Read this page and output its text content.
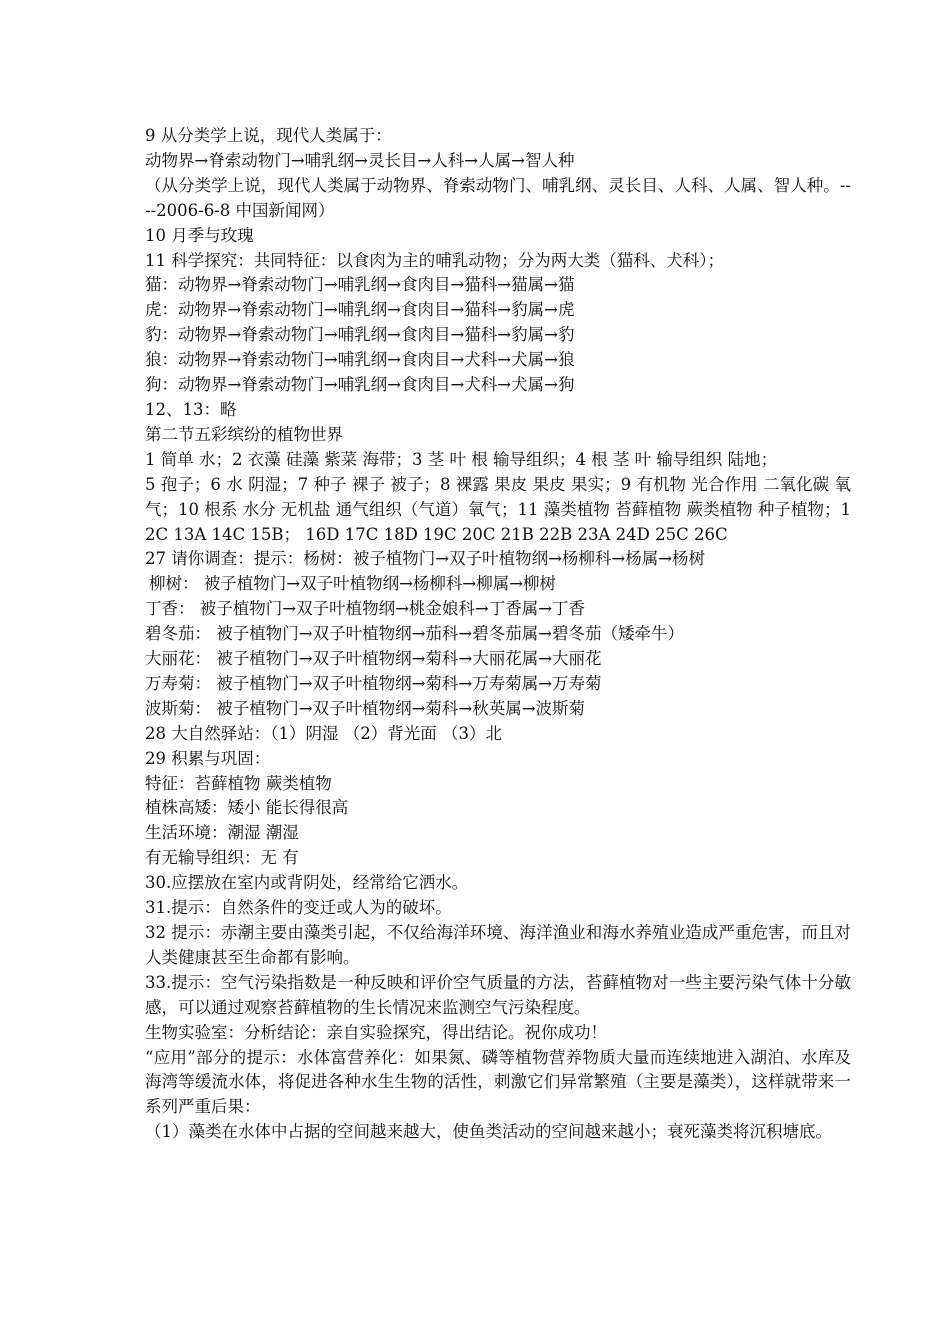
9 从分类学上说，现代人类属于：

动物界→脊索动物门→哺乳纲→灵长目→人科→人属→智人种

（从分类学上说，现代人类属于动物界、脊索动物门、哺乳纲、灵长目、人科、人属、智人种。----2006-6-8 中国新闻网）

10 月季与玫瑰

11 科学探究：共同特征：以食肉为主的哺乳动物；分为两大类（猫科、犬科）；

猫：动物界→脊索动物门→哺乳纲→食肉目→猫科→猫属→猫

虎：动物界→脊索动物门→哺乳纲→食肉目→猫科→豹属→虎

豹：动物界→脊索动物门→哺乳纲→食肉目→猫科→豹属→豹

狼：动物界→脊索动物门→哺乳纲→食肉目→犬科→犬属→狼

狗：动物界→脊索动物门→哺乳纲→食肉目→犬科→犬属→狗

12、13：略

第二节五彩缤纷的植物世界

1 简单 水；2 衣藻 硅藻 紫菜 海带；3 茎 叶 根 输导组织；4 根 茎 叶 输导组织 陆地；

5 孢子；6 水 阴湿；7 种子 裸子 被子；8 裸露 果皮 果皮 果实；9 有机物 光合作用 二氧化碳 氧气；10 根系 水分 无机盐 通气组织（气道）氧气；11 藻类植物 苔藓植物 蕨类植物 种子植物；12C 13A 14C 15B； 16D 17C 18D 19C 20C 21B 22B 23A 24D 25C 26C

27 请你调查：提示：杨树：被子植物门→双子叶植物纲→杨柳科→杨属→杨树

柳树： 被子植物门→双子叶植物纲→杨柳科→柳属→柳树

丁香： 被子植物门→双子叶植物纲→桃金娘科→丁香属→丁香

碧冬茄： 被子植物门→双子叶植物纲→茄科→碧冬茄属→碧冬茄（矮牵牛）

大丽花： 被子植物门→双子叶植物纲→菊科→大丽花属→大丽花

万寿菊： 被子植物门→双子叶植物纲→菊科→万寿菊属→万寿菊

波斯菊： 被子植物门→双子叶植物纲→菊科→秋英属→波斯菊

28 大自然驿站：（1）阴湿 （2）背光面 （3）北

29 积累与巩固：

特征：苔藓植物 蕨类植物

植株高矮：矮小 能长得很高

生活环境：潮湿 潮湿

有无输导组织：无 有

30.应摆放在室内或背阴处，经常给它洒水。

31.提示：自然条件的变迁或人为的破坏。

32 提示：赤潮主要由藻类引起，不仅给海洋环境、海洋渔业和海水养殖业造成严重危害，而且对人类健康甚至生命都有影响。

33.提示：空气污染指数是一种反映和评价空气质量的方法，苔藓植物对一些主要污染气体十分敏感，可以通过观察苔藓植物的生长情况来监测空气污染程度。

生物实验室：分析结论：亲自实验探究，得出结论。祝你成功！

“应用”部分的提示：水体富营养化：如果氮、磷等植物营养物质大量而连续地进入湖泊、水库及海湾等缓流水体，将促进各种水生生物的活性，刺激它们异常繁殖（主要是藻类），这样就带来一系列严重后果：

（1）藻类在水体中占据的空间越来越大，使鱼类活动的空间越来越小；衰死藻类将沉积塘底。
